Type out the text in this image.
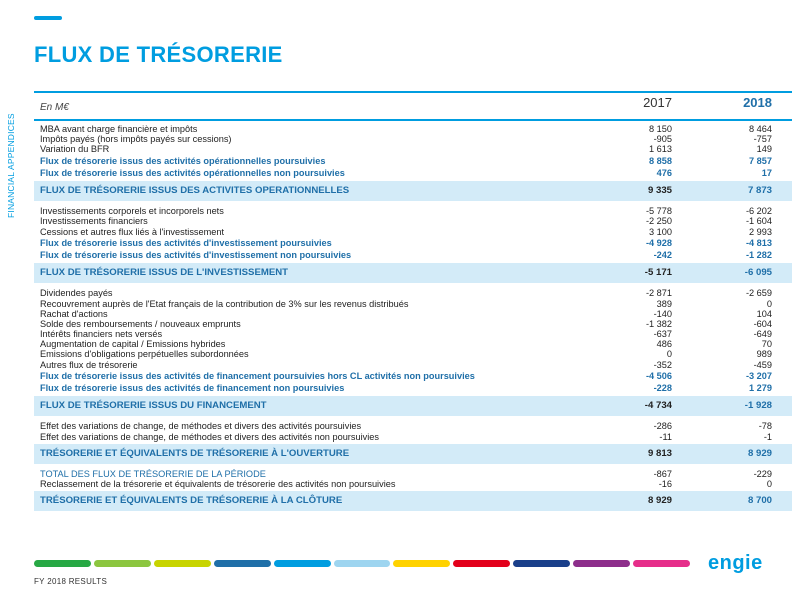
FLUX DE TRÉSORERIE
FINANCIAL APPENDICES
En M€	2017	2018
MBA avant charge financière et impôts	8 150	8 464
Impôts payés (hors impôts payés sur cessions)	-905	-757
Variation du BFR	1 613	149
Flux de trésorerie issus des activités opérationnelles poursuivies	8 858	7 857
Flux de trésorerie issus des activités opérationnelles non poursuivies	476	17
FLUX DE TRÉSORERIE ISSUS DES ACTIVITES OPERATIONNELLES	9 335	7 873
Investissements corporels et incorporels nets	-5 778	-6 202
Investissements financiers	-2 250	-1 604
Cessions et autres flux liés à l'investissement	3 100	2 993
Flux de trésorerie issus des activités d'investissement poursuivies	-4 928	-4 813
Flux de trésorerie issus des activités d'investissement non poursuivies	-242	-1 282
FLUX DE TRÉSORERIE ISSUS DE L'INVESTISSEMENT	-5 171	-6 095
Dividendes payés	-2 871	-2 659
Recouvrement auprès de l'Etat français de la contribution de 3% sur les revenus distribués	389	0
Rachat d'actions	-140	104
Solde des remboursements / nouveaux emprunts	-1 382	-604
Intérêts financiers nets versés	-637	-649
Augmentation de capital / Emissions hybrides	486	70
Emissions d'obligations perpétuelles subordonnées	0	989
Autres flux de trésorerie	-352	-459
Flux de trésorerie issus des activités de financement poursuivies hors CL activités non poursuivies	-4 506	-3 207
Flux de trésorerie issus des activités de financement non poursuivies	-228	1 279
FLUX DE TRÉSORERIE ISSUS DU FINANCEMENT	-4 734	-1 928
Effet des variations de change, de méthodes et divers des activités poursuivies	-286	-78
Effet des variations de change, de méthodes et divers des activités non poursuivies	-11	-1
TRÉSORERIE ET ÉQUIVALENTS DE TRÉSORERIE À L'OUVERTURE	9 813	8 929
TOTAL DES FLUX DE TRÉSORERIE DE LA PÉRIODE	-867	-229
Reclassement de la trésorerie et équivalents de trésorerie des activités non poursuivies	-16	0
TRÉSORERIE ET ÉQUIVALENTS DE TRÉSORERIE À LA CLÔTURE	8 929	8 700
FY 2018 RESULTS
engie
